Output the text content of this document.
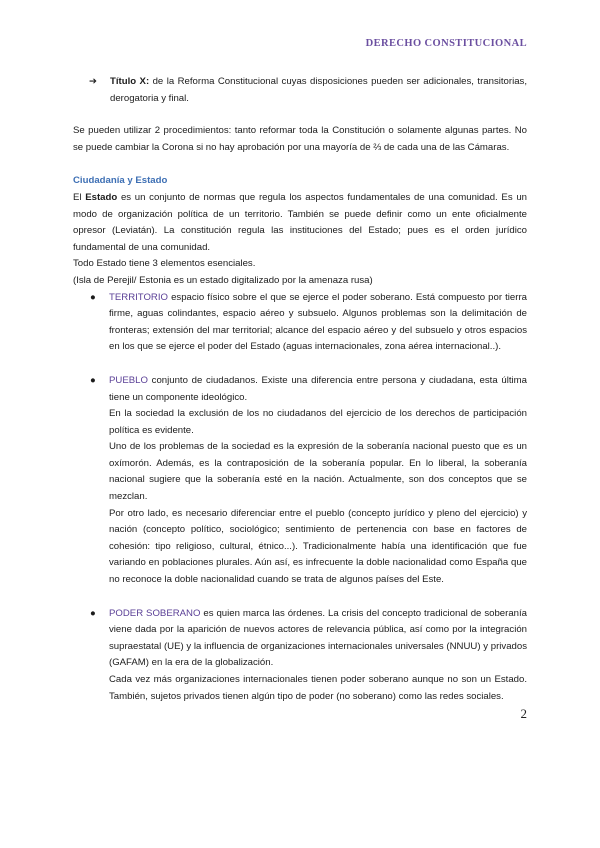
DERECHO CONSTITUCIONAL

➔ Título X: de la Reforma Constitucional cuyas disposiciones pueden ser adicionales, transitorias, derogatoria y final.

Se pueden utilizar 2 procedimientos: tanto reformar toda la Constitución o solamente algunas partes. No se puede cambiar la Corona si no hay aprobación por una mayoría de ⅔ de cada una de las Cámaras.

Ciudadanía y Estado

El Estado es un conjunto de normas que regula los aspectos fundamentales de una comunidad. Es un modo de organización política de un territorio. También se puede definir como un ente oficialmente opresor (Leviatán). La constitución regula las instituciones del Estado; pues es el orden jurídico fundamental de una comunidad.

Todo Estado tiene 3 elementos esenciales.

(Isla de Perejil/ Estonia es un estado digitalizado por la amenaza rusa)

● TERRITORIO espacio físico sobre el que se ejerce el poder soberano. Está compuesto por tierra firme, aguas colindantes, espacio aéreo y subsuelo. Algunos problemas son la delimitación de fronteras; extensión del mar territorial; alcance del espacio aéreo y del subsuelo y otros espacios en los que se ejerce el poder del Estado (aguas internacionales, zona aérea internacional..).

● PUEBLO conjunto de ciudadanos. Existe una diferencia entre persona y ciudadana, esta última tiene un componente ideológico.

En la sociedad la exclusión de los no ciudadanos del ejercicio de los derechos de participación política es evidente.

Uno de los problemas de la sociedad es la expresión de la soberanía nacional puesto que es un oxímorón. Además, es la contraposición de la soberanía popular. En lo liberal, la soberanía nacional sugiere que la soberanía esté en la nación. Actualmente, son dos conceptos que se mezclan.

Por otro lado, es necesario diferenciar entre el pueblo (concepto jurídico y pleno del ejercicio) y nación (concepto político, sociológico; sentimiento de pertenencia con base en factores de cohesión: tipo religioso, cultural, étnico...). Tradicionalmente había una identificación que fue variando en poblaciones plurales. Aún así, es infrecuente la doble nacionalidad como España que no reconoce la doble nacionalidad cuando se trata de algunos países del Este.

● PODER SOBERANO es quien marca las órdenes. La crisis del concepto tradicional de soberanía viene dada por la aparición de nuevos actores de relevancia pública, así como por la integración supraestatal (UE) y la influencia de organizaciones internacionales universales (NNUU) y privados (GAFAM) en la era de la globalización.

Cada vez más organizaciones internacionales tienen poder soberano aunque no son un Estado. También, sujetos privados tienen algún tipo de poder (no soberano) como las redes sociales.

2
